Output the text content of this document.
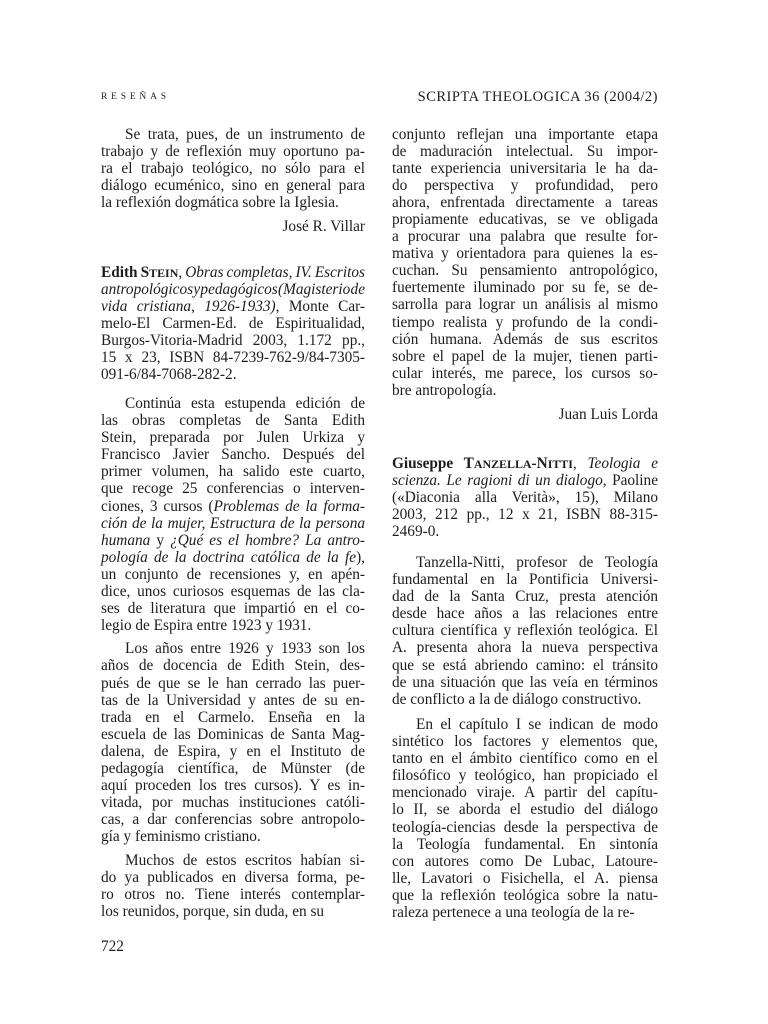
RESEÑAS	SCRIPTA THEOLOGICA 36 (2004/2)
Se trata, pues, de un instrumento de
trabajo y de reflexión muy oportuno pa-
ra el trabajo teológico, no sólo para el
diálogo ecuménico, sino en general para
la reflexión dogmática sobre la Iglesia.
José R. Villar
Edith STEIN, Obras completas, IV. Escritos
antropológicos y pedagógicos (Magisterio de
vida cristiana, 1926-1933), Monte Car-
melo-El Carmen-Ed. de Espiritualidad,
Burgos-Vitoria-Madrid 2003, 1.172 pp.,
15 x 23, ISBN 84-7239-762-9/84-7305-
091-6/84-7068-282-2.
Continúa esta estupenda edición de
las obras completas de Santa Edith
Stein, preparada por Julen Urkiza y
Francisco Javier Sancho. Después del
primer volumen, ha salido este cuarto,
que recoge 25 conferencias o interven-
ciones, 3 cursos (Problemas de la forma-
ción de la mujer, Estructura de la persona
humana y ¿Qué es el hombre? La antro-
pología de la doctrina católica de la fe),
un conjunto de recensiones y, en apén-
dice, unos curiosos esquemas de las cla-
ses de literatura que impartió en el co-
legio de Espira entre 1923 y 1931.
Los años entre 1926 y 1933 son los
años de docencia de Edith Stein, des-
pués de que se le han cerrado las puer-
tas de la Universidad y antes de su en-
trada en el Carmelo. Enseña en la
escuela de las Dominicas de Santa Mag-
dalena, de Espira, y en el Instituto de
pedagogía científica, de Münster (de
aquí proceden los tres cursos). Y es in-
vitada, por muchas instituciones católi-
cas, a dar conferencias sobre antropolo-
gía y feminismo cristiano.
Muchos de estos escritos habían si-
do ya publicados en diversa forma, pe-
ro otros no. Tiene interés contemplar-
los reunidos, porque, sin duda, en su
conjunto reflejan una importante etapa
de maduración intelectual. Su impor-
tante experiencia universitaria le ha da-
do perspectiva y profundidad, pero
ahora, enfrentada directamente a tareas
propiamente educativas, se ve obligada
a procurar una palabra que resulte for-
mativa y orientadora para quienes la es-
cuchan. Su pensamiento antropológico,
fuertemente iluminado por su fe, se de-
sarrolla para lograr un análisis al mismo
tiempo realista y profundo de la condi-
ción humana. Además de sus escritos
sobre el papel de la mujer, tienen parti-
cular interés, me parece, los cursos so-
bre antropología.
Juan Luis Lorda
Giuseppe TANZELLA-NITTI, Teologia e
scienza. Le ragioni di un dialogo, Paoline
(«Diaconia alla Verità», 15), Milano
2003, 212 pp., 12 x 21, ISBN 88-315-
2469-0.
Tanzella-Nitti, profesor de Teología
fundamental en la Pontificia Universi-
dad de la Santa Cruz, presta atención
desde hace años a las relaciones entre
cultura científica y reflexión teológica. El
A. presenta ahora la nueva perspectiva
que se está abriendo camino: el tránsito
de una situación que las veía en términos
de conflicto a la de diálogo constructivo.
En el capítulo I se indican de modo
sintético los factores y elementos que,
tanto en el ámbito científico como en el
filosófico y teológico, han propiciado el
mencionado viraje. A partir del capítu-
lo II, se aborda el estudio del diálogo
teología-ciencias desde la perspectiva de
la Teología fundamental. En sintonía
con autores como De Lubac, Latoure-
lle, Lavatori o Fisichella, el A. piensa
que la reflexión teológica sobre la natu-
raleza pertenece a una teología de la re-
722
